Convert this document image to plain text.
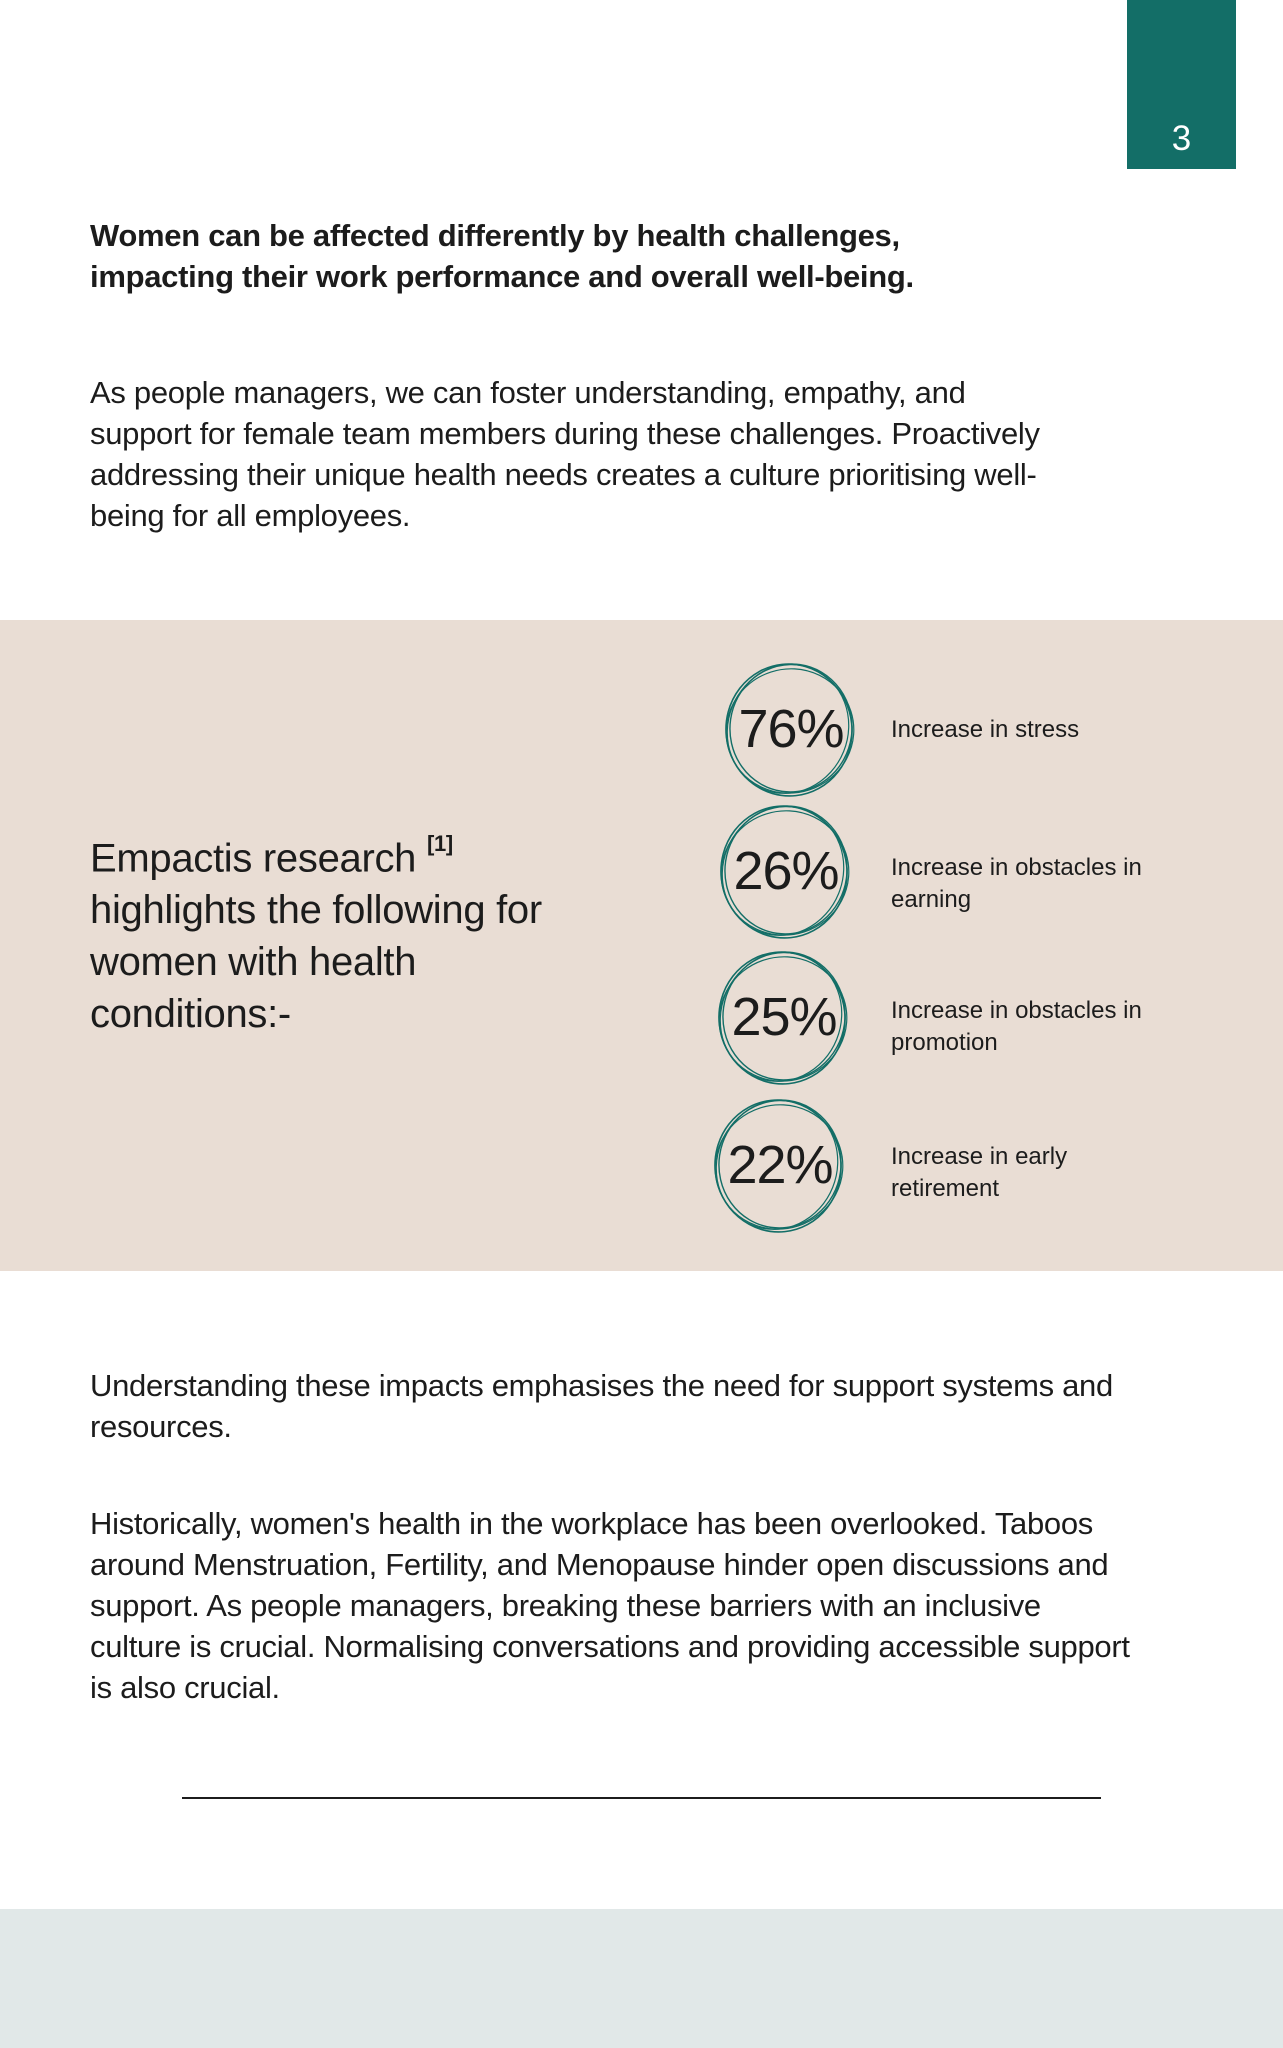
3
Women can be affected differently by health challenges, impacting their work performance and overall well-being.
As people managers, we can foster understanding, empathy, and support for female team members during these challenges. Proactively addressing their unique health needs creates a culture prioritising well-being for all employees.
Empactis research [1] highlights the following for women with health conditions:-
76%	Increase in stress
26%	Increase in obstacles in earning
25%	Increase in obstacles in promotion
22%	Increase in early retirement
Understanding these impacts emphasises the need for support systems and resources.
Historically, women's health in the workplace has been overlooked. Taboos around Menstruation, Fertility, and Menopause hinder open discussions and support. As people managers, breaking these barriers with an inclusive culture is crucial. Normalising conversations and providing accessible support is also crucial.
